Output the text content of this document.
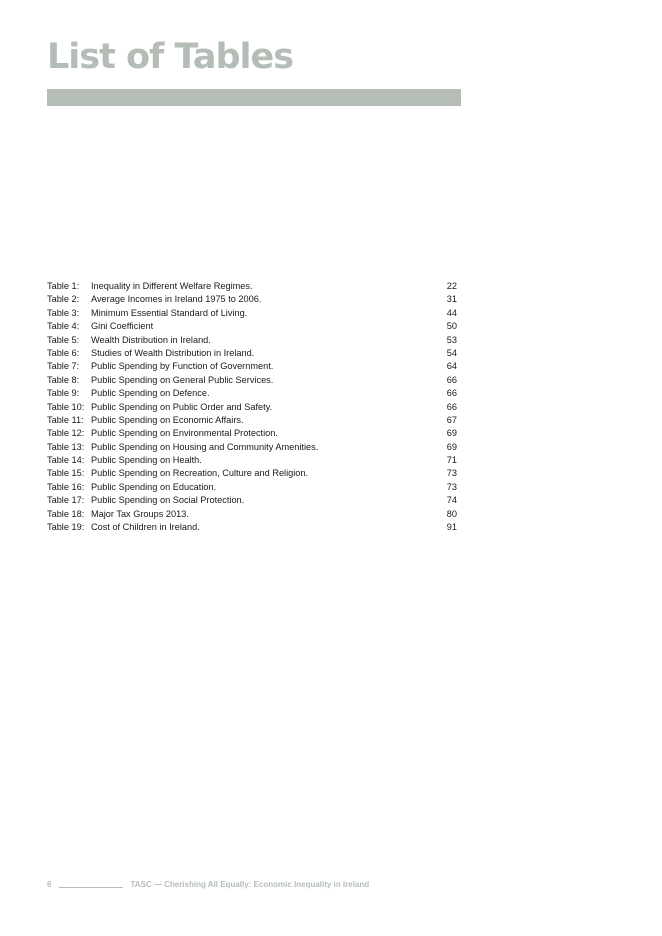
List of Tables
Table 1:	Inequality in Different Welfare Regimes.	22
Table 2:	Average Incomes in Ireland 1975 to 2006.	31
Table 3:	Minimum Essential Standard of Living.	44
Table 4:	Gini Coefficient	50
Table 5:	Wealth Distribution in Ireland.	53
Table 6:	Studies of Wealth Distribution in Ireland.	54
Table 7:	Public Spending by Function of Government.	64
Table 8:	Public Spending on General Public Services.	66
Table 9:	Public Spending on Defence.	66
Table 10: Public Spending on Public Order and Safety.	66
Table 11: Public Spending on Economic Affairs.	67
Table 12: Public Spending on Environmental Protection.	69
Table 13: Public Spending on Housing and Community Amenities.	69
Table 14: Public Spending on Health.	71
Table 15: Public Spending on Recreation, Culture and Religion.	73
Table 16: Public Spending on Education.	73
Table 17: Public Spending on Social Protection.	74
Table 18: Major Tax Groups 2013.	80
Table 19: Cost of Children in Ireland.	91
6	TASC — Cherishing All Equally: Economic Inequality in Ireland
